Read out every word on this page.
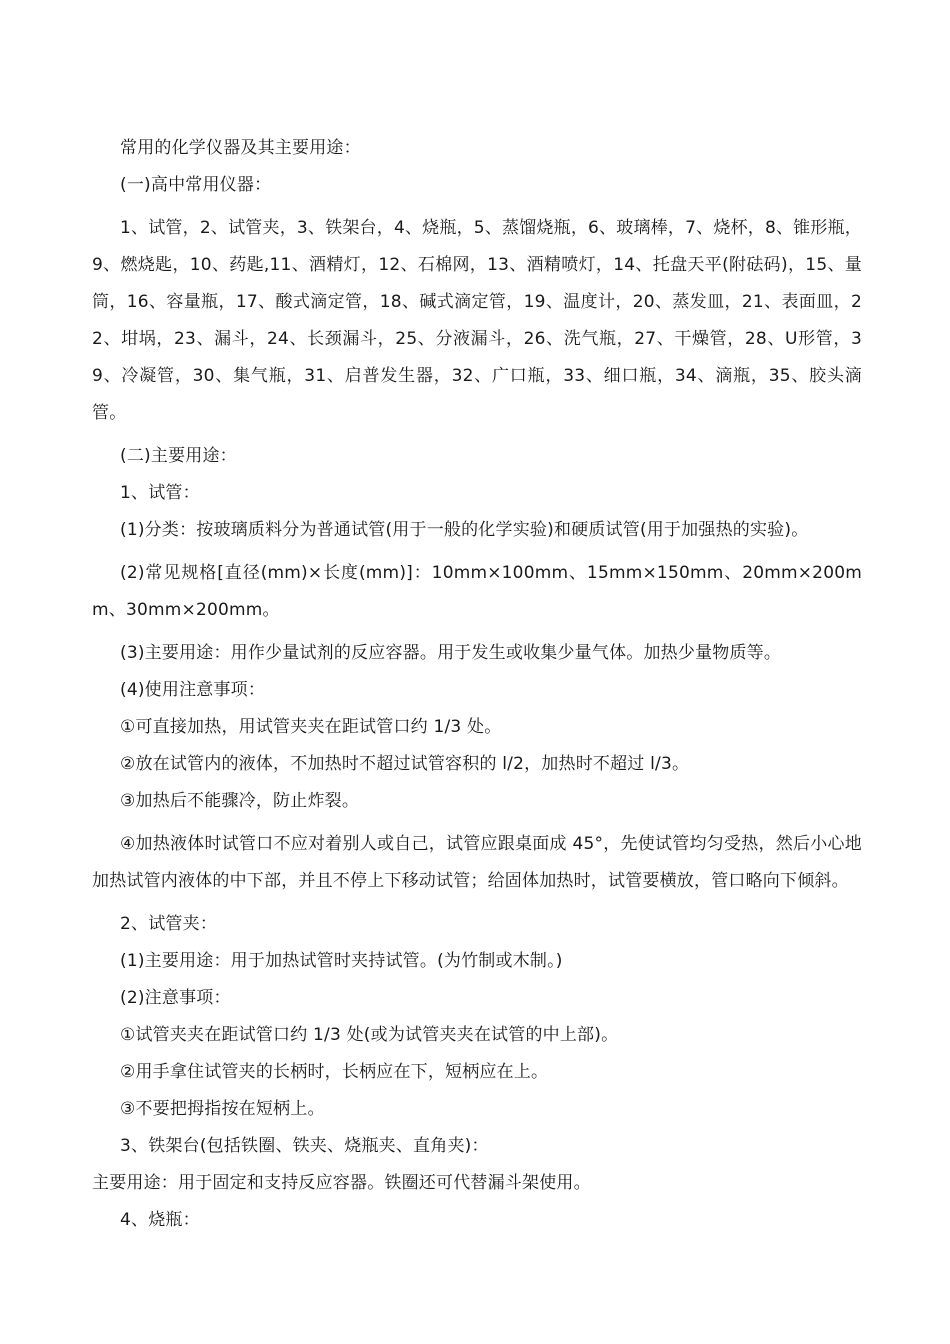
常用的化学仪器及其主要用途：

(一)高中常用仪器：

1、试管，2、试管夹，3、铁架台，4、烧瓶，5、蒸馏烧瓶，6、玻璃棒，7、烧杯，8、锥形瓶，9、燃烧匙，10、药匙,11、酒精灯，12、石棉网，13、酒精喷灯，14、托盘天平(附砝码)，15、量筒，16、容量瓶，17、酸式滴定管，18、碱式滴定管，19、温度计，20、蒸发皿，21、表面皿，22、坩埚，23、漏斗，24、长颈漏斗，25、分液漏斗，26、洗气瓶，27、干燥管，28、U形管，39、冷凝管，30、集气瓶，31、启普发生器，32、广口瓶，33、细口瓶，34、滴瓶，35、胶头滴管。

(二)主要用途：

1、试管：

(1)分类：按玻璃质料分为普通试管(用于一般的化学实验)和硬质试管(用于加强热的实验)。

(2)常见规格[直径(mm)×长度(mm)]：10mm×100mm、15mm×150mm、20mm×200mm、30mm×200mm。

(3)主要用途：用作少量试剂的反应容器。用于发生或收集少量气体。加热少量物质等。

(4)使用注意事项：

①可直接加热，用试管夹夹在距试管口约 1/3 处。

②放在试管内的液体，不加热时不超过试管容积的 l/2，加热时不超过 l/3。

③加热后不能骤冷，防止炸裂。

④加热液体时试管口不应对着别人或自己，试管应跟桌面成 45°，先使试管均匀受热，然后小心地加热试管内液体的中下部，并且不停上下移动试管；给固体加热时，试管要横放，管口略向下倾斜。

2、试管夹：

(1)主要用途：用于加热试管时夹持试管。(为竹制或木制。)

(2)注意事项：

①试管夹夹在距试管口约 1/3 处(或为试管夹夹在试管的中上部)。

②用手拿住试管夹的长柄时，长柄应在下，短柄应在上。

③不要把拇指按在短柄上。

3、铁架台(包括铁圈、铁夹、烧瓶夹、直角夹)：

主要用途：用于固定和支持反应容器。铁圈还可代替漏斗架使用。

4、烧瓶：
